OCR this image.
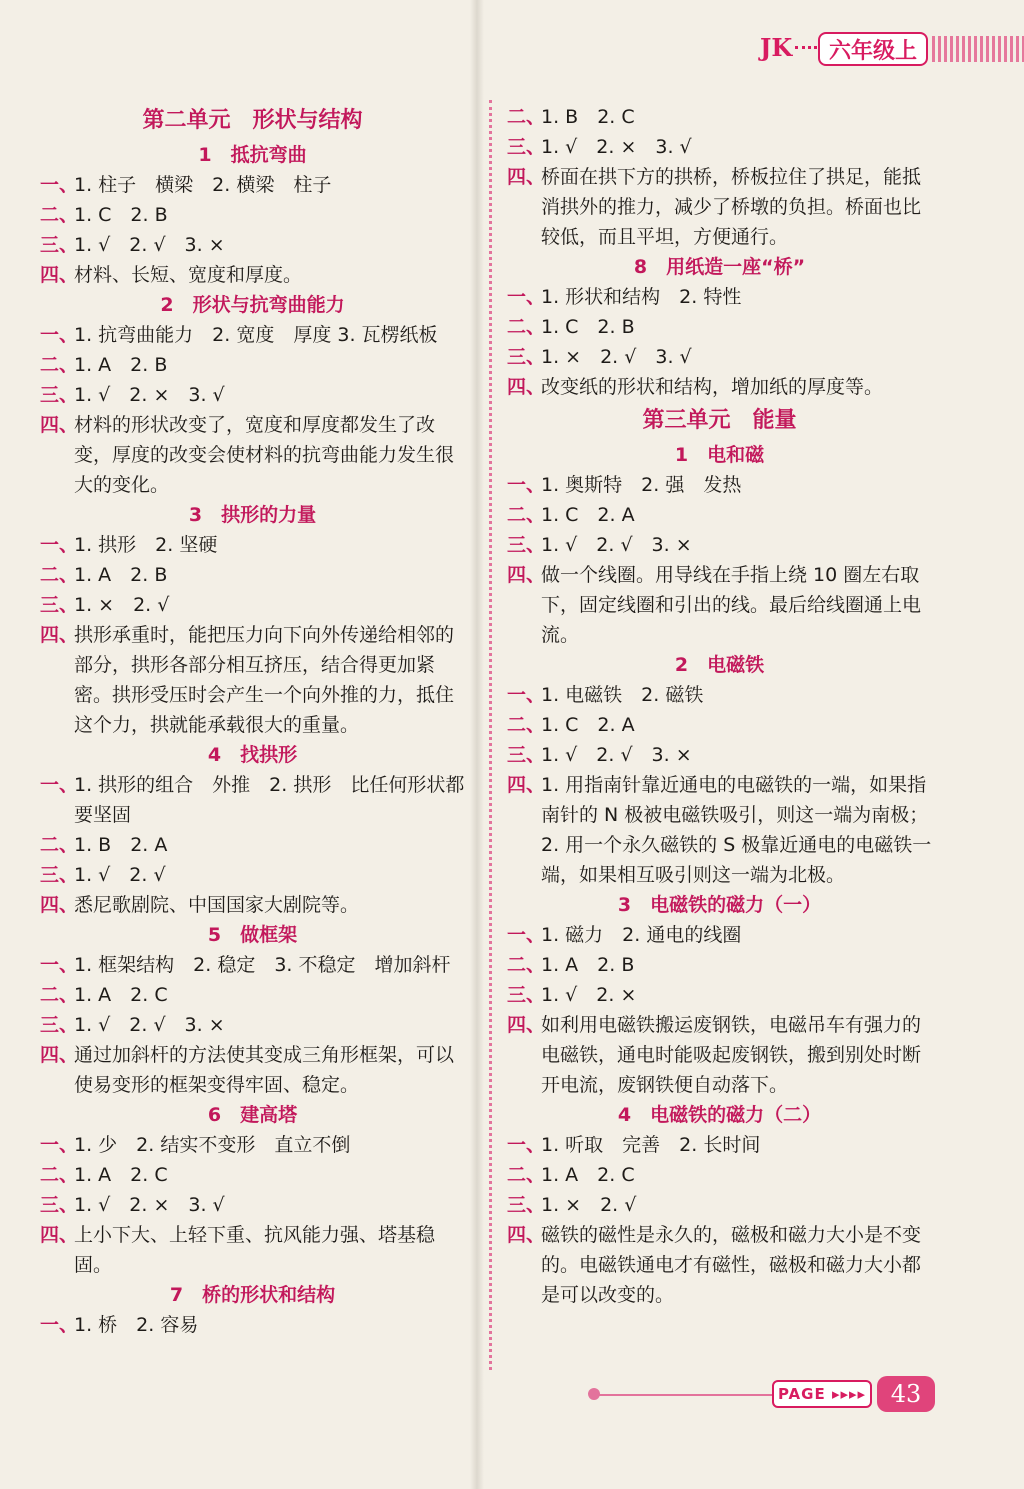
JK	六年级上
第二单元　形状与结构
1　抵抗弯曲
一、
1. 柱子　横梁　2. 横梁　柱子
二、
1. C　2. B
三、
1. √　2. √　3. ×
四、
材料、长短、宽度和厚度。
2　形状与抗弯曲能力
一、
1. 抗弯曲能力　2. 宽度　厚度 3. 瓦楞纸板
二、
1. A　2. B
三、
1. √　2. ×　3. √
四、
材料的形状改变了，宽度和厚度都发生了改变，厚度的改变会使材料的抗弯曲能力发生很大的变化。
3　拱形的力量
一、
1. 拱形　2. 坚硬
二、
1. A　2. B
三、
1. ×　2. √
四、
拱形承重时，能把压力向下向外传递给相邻的部分，拱形各部分相互挤压，结合得更加紧密。拱形受压时会产生一个向外推的力，抵住这个力，拱就能承载很大的重量。
4　找拱形
一、
1. 拱形的组合　外推　2. 拱形　比任何形状都要坚固
二、
1. B　2. A
三、
1. √　2. √
四、
悉尼歌剧院、中国国家大剧院等。
5　做框架
一、
1. 框架结构　2. 稳定　3. 不稳定　增加斜杆
二、
1. A　2. C
三、
1. √　2. √　3. ×
四、
通过加斜杆的方法使其变成三角形框架，可以使易变形的框架变得牢固、稳定。
6　建高塔
一、
1. 少　2. 结实不变形　直立不倒
二、
1. A　2. C
三、
1. √　2. ×　3. √
四、
上小下大、上轻下重、抗风能力强、塔基稳固。
7　桥的形状和结构
一、
1. 桥　2. 容易
二、
1. B　2. C
三、
1. √　2. ×　3. √
四、
桥面在拱下方的拱桥，桥板拉住了拱足，能抵消拱外的推力，减少了桥墩的负担。桥面也比较低，而且平坦，方便通行。
8　用纸造一座“桥”
一、
1. 形状和结构　2. 特性
二、
1. C　2. B
三、
1. ×　2. √　3. √
四、
改变纸的形状和结构，增加纸的厚度等。
第三单元　能量
1　电和磁
一、
1. 奥斯特　2. 强　发热
二、
1. C　2. A
三、
1. √　2. √　3. ×
四、
做一个线圈。用导线在手指上绕 10 圈左右取下，固定线圈和引出的线。最后给线圈通上电流。
2　电磁铁
一、
1. 电磁铁　2. 磁铁
二、
1. C　2. A
三、
1. √　2. √　3. ×
四、
1. 用指南针靠近通电的电磁铁的一端，如果指南针的 N 极被电磁铁吸引，则这一端为南极；2. 用一个永久磁铁的 S 极靠近通电的电磁铁一端，如果相互吸引则这一端为北极。
3　电磁铁的磁力（一）
一、
1. 磁力　2. 通电的线圈
二、
1. A　2. B
三、
1. √　2. ×
四、
如利用电磁铁搬运废钢铁，电磁吊车有强力的电磁铁，通电时能吸起废钢铁，搬到别处时断开电流，废钢铁便自动落下。
4　电磁铁的磁力（二）
一、
1. 听取　完善　2. 长时间
二、
1. A　2. C
三、
1. ×　2. √
四、
磁铁的磁性是永久的，磁极和磁力大小是不变的。电磁铁通电才有磁性，磁极和磁力大小都是可以改变的。
PAGE ▸▸▸▸	43
